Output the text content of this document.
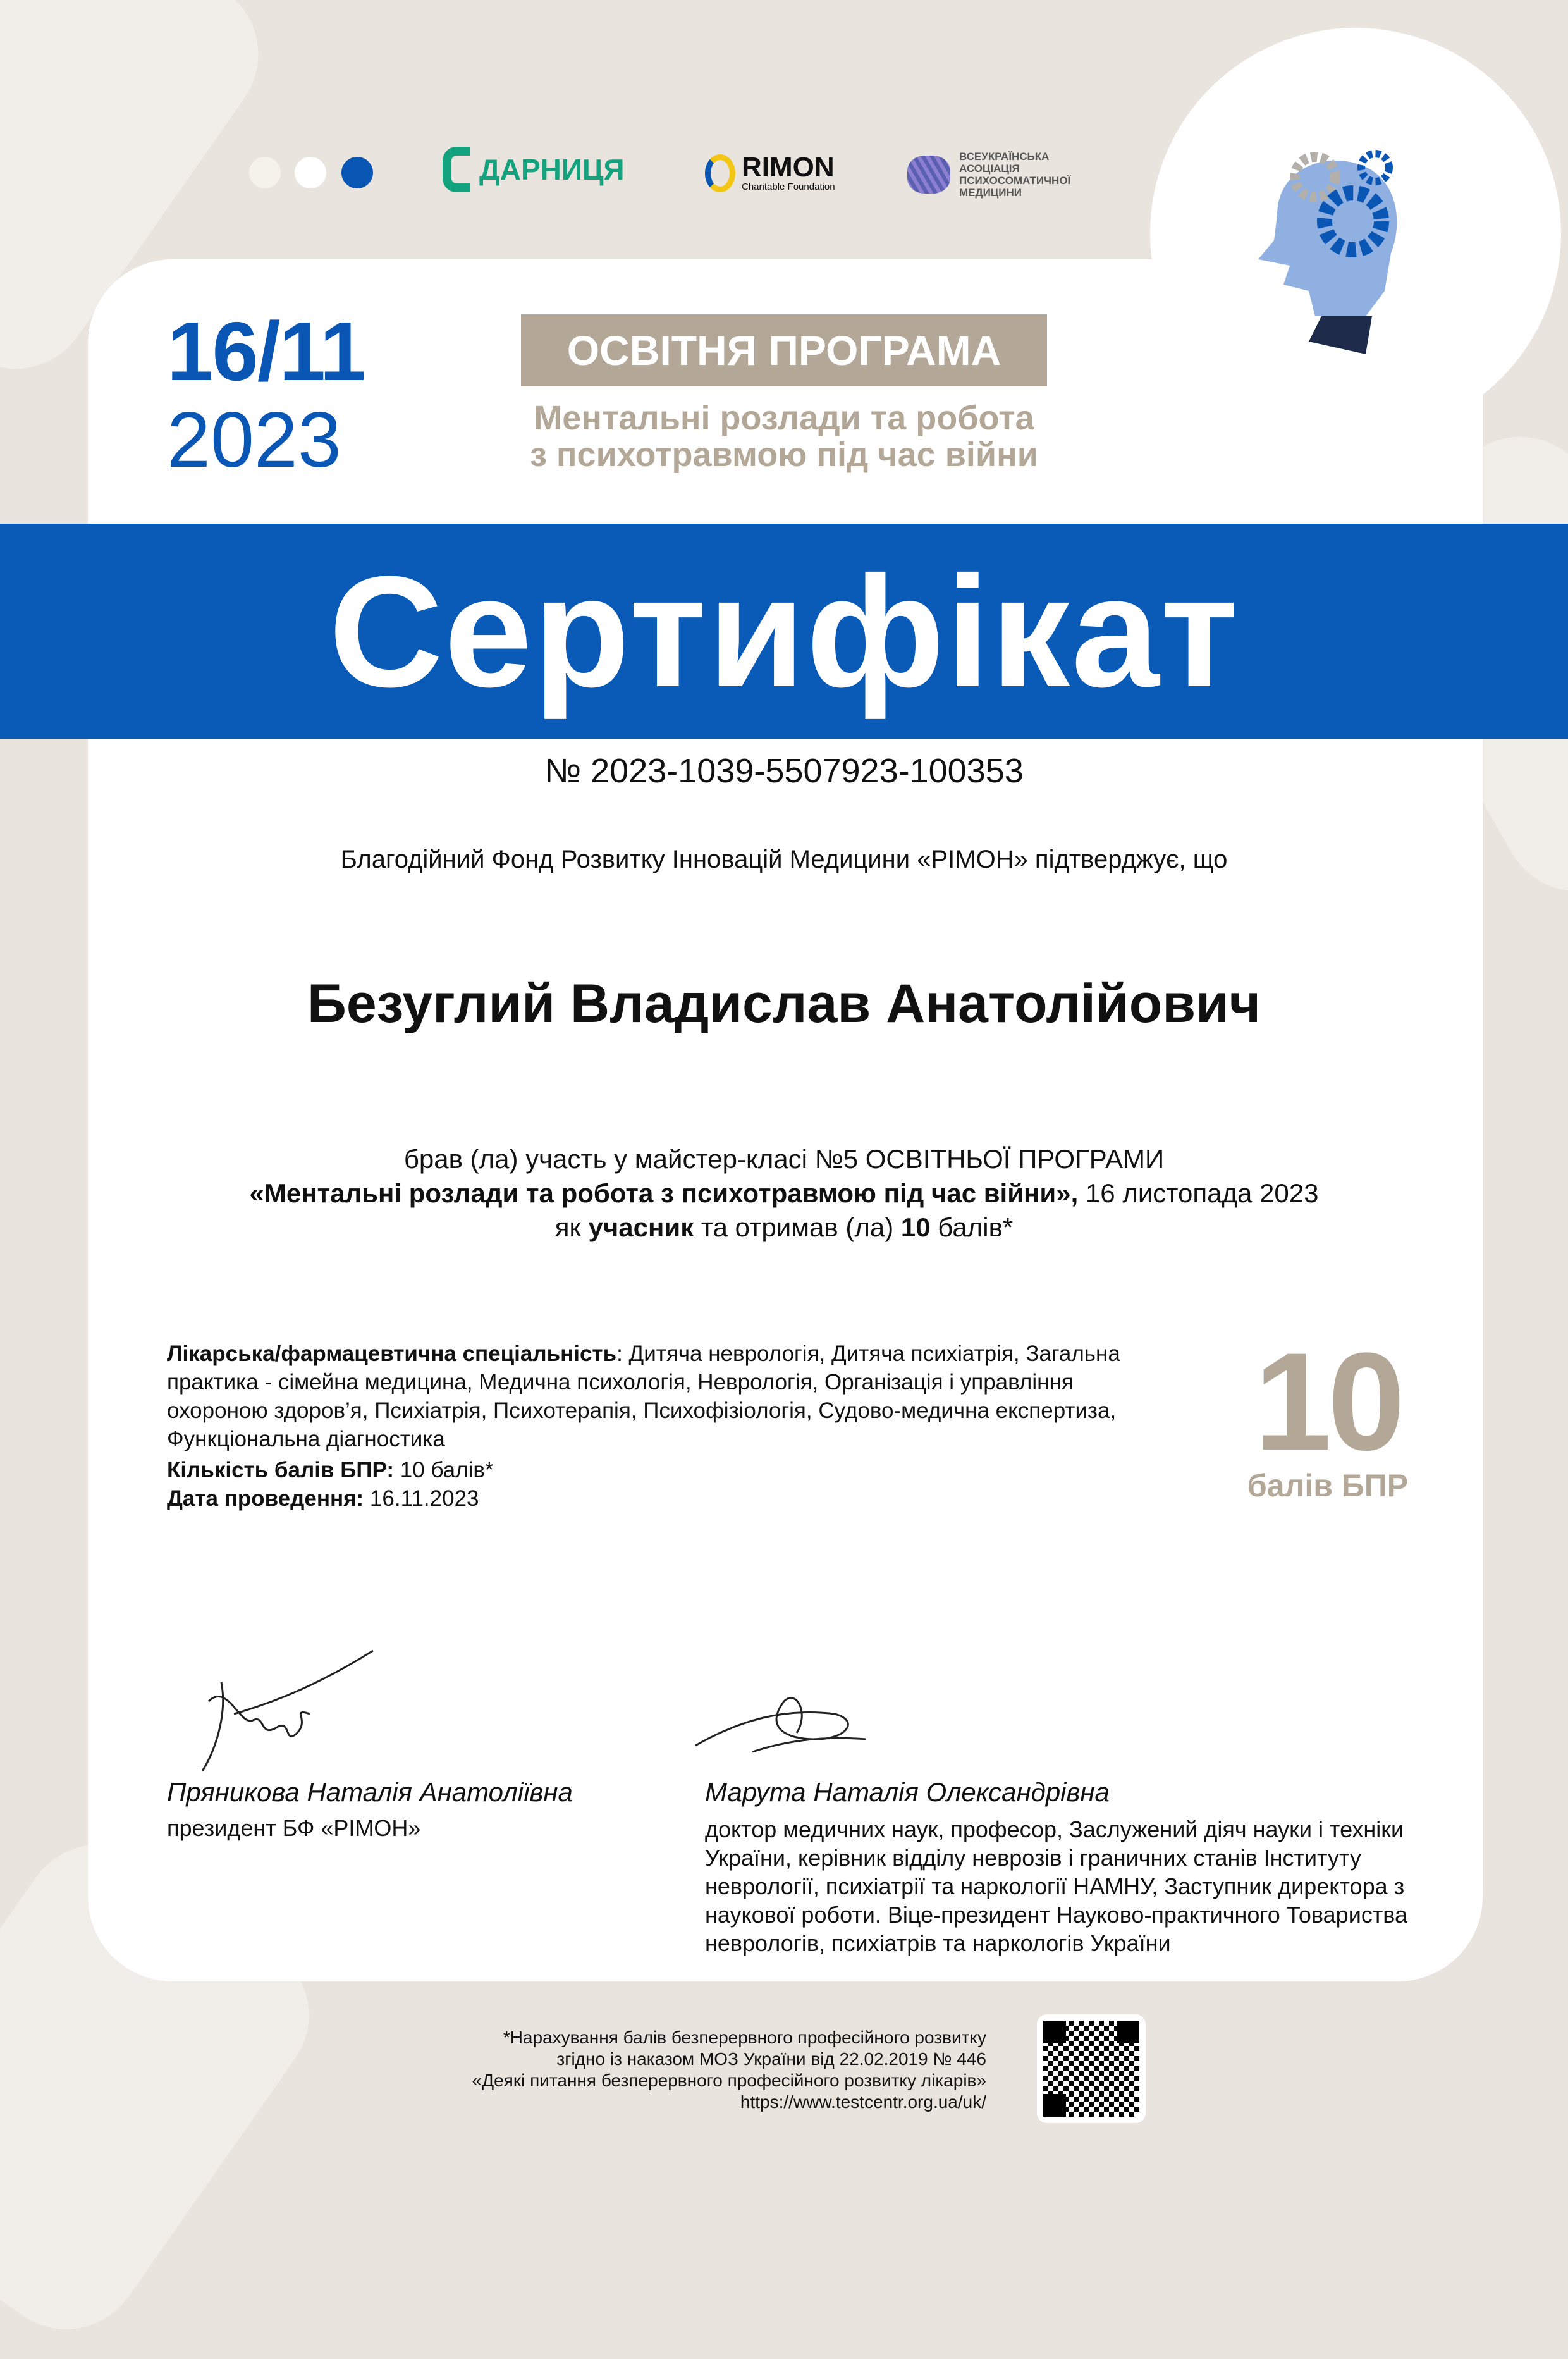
ДАРНИЦЯ	RIMON
Charitable Foundation
ВСЕУКРАЇНСЬКА
АСОЦІАЦІЯ
ПСИХОСОМАТИЧНОЇ
МЕДИЦИНИ
16/11
2023
ОСВІТНЯ ПРОГРАМА
Ментальні розлади та робота
з психотравмою під час війни
Сертифікат
№ 2023-1039-5507923-100353
Благодійний Фонд Розвитку Інновацій Медицини «РІМОН» підтверджує, що
Безуглий Владислав Анатолійович
брав (ла) участь у майстер-класі №5 ОСВІТНЬОЇ ПРОГРАМИ
«Ментальні розлади та робота з психотравмою під час війни», 16 листопада 2023
як учасник та отримав (ла) 10 балів*
Лікарська/фармацевтична спеціальність: Дитяча неврологія, Дитяча психіатрія, Загальна практика - сімейна медицина, Медична психологія, Неврологія, Організація і управління охороною здоров’я, Психіатрія, Психотерапія, Психофізіологія, Судово-медична експертиза, Функціональна діагностика
Кількість балів БПР: 10 балів*
Дата проведення: 16.11.2023
10
балів БПР
Пряникова Наталія Анатоліївна
президент БФ «РІМОН»
Марута Наталія Олександрівна
доктор медичних наук, професор, Заслужений діяч науки і техніки України, керівник відділу неврозів і граничних станів Інституту неврології, психіатрії та наркології НАМНУ, Заступник директора з наукової роботи. Віце-президент Науково-практичного Товариства неврологів, психіатрів та наркологів України
*Нарахування балів безперервного професійного розвитку
згідно із наказом МОЗ України від 22.02.2019 № 446
«Деякі питання безперервного професійного розвитку лікарів»
https://www.testcentr.org.ua/uk/
